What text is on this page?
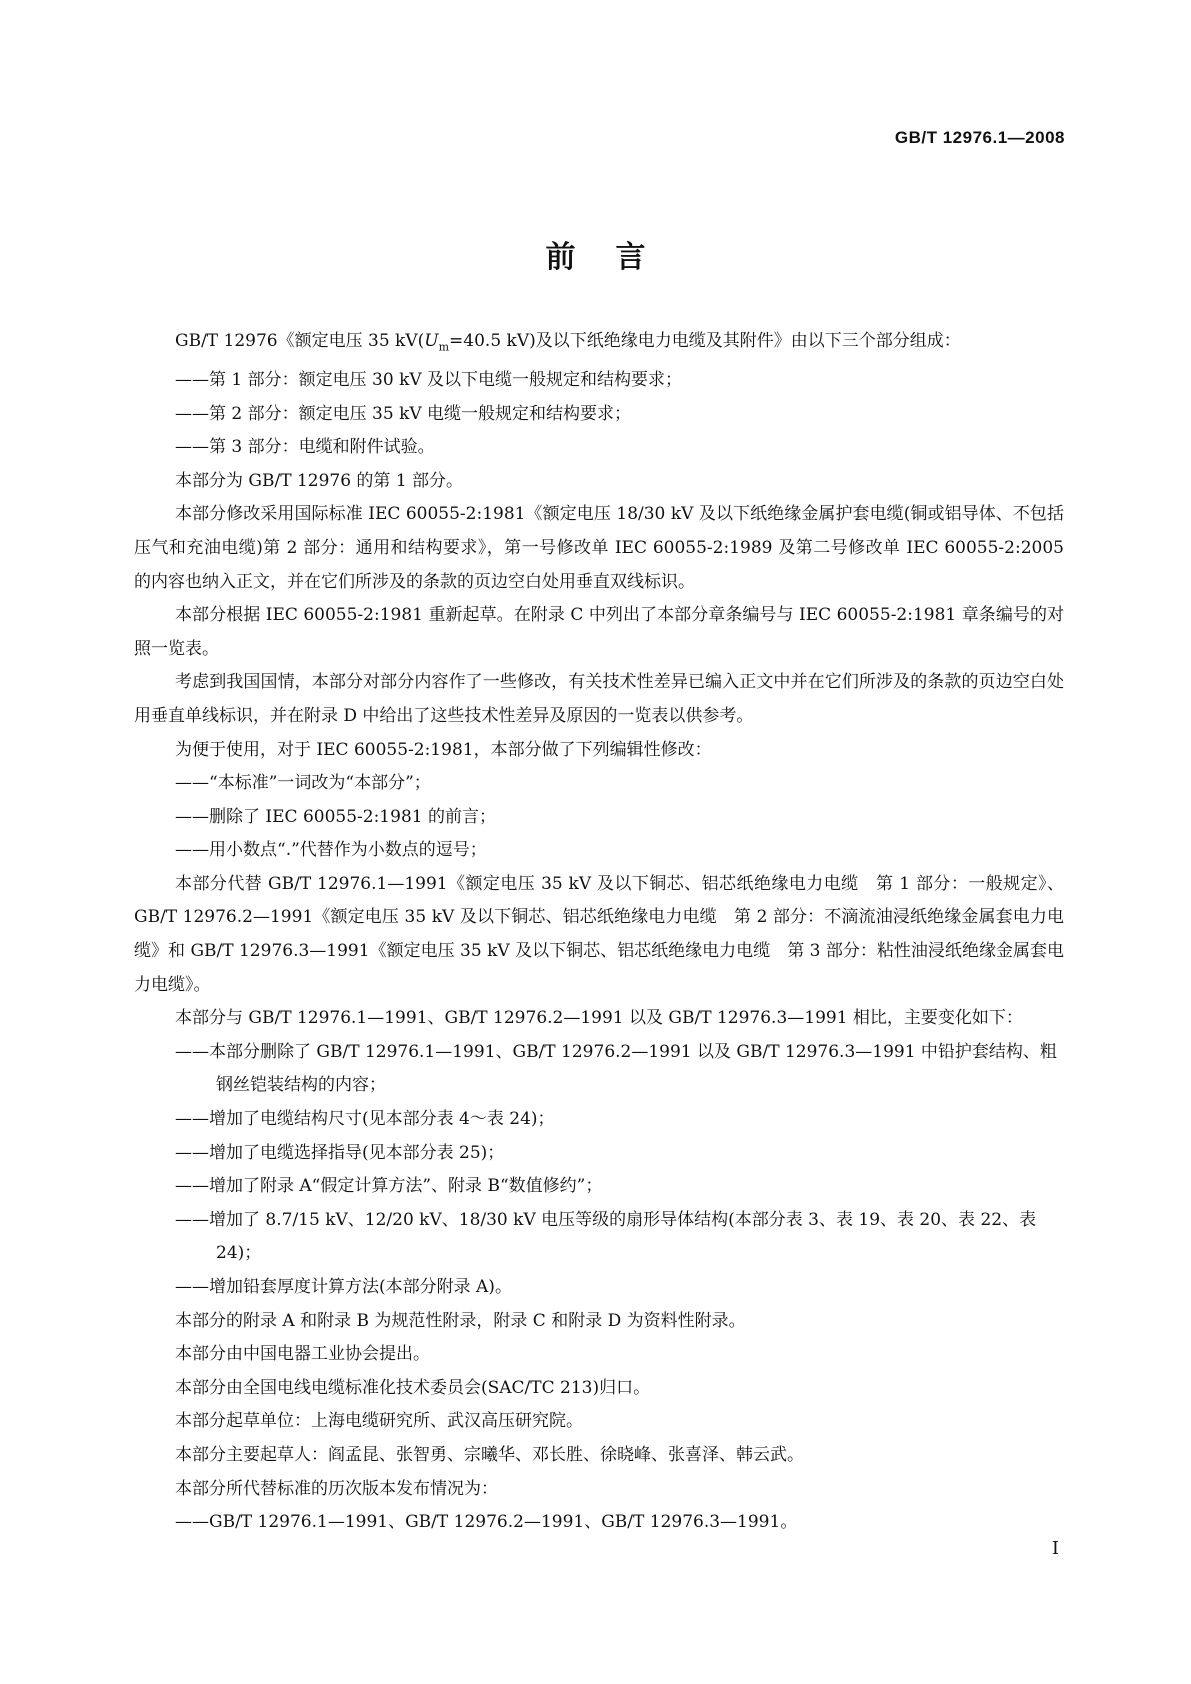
GB/T 12976.1—2008
前言
GB/T 12976《额定电压 35 $kV(U_m=40.5$ kV)及以下纸绝缘电力电缆及其附件》由以下三个部分组成：
——第 1 部分：额定电压 30 kV 及以下电缆一般规定和结构要求；
——第 2 部分：额定电压 35 kV 电缆一般规定和结构要求；
——第 3 部分：电缆和附件试验。
本部分为 GB/T 12976 的第 1 部分。
本部分修改采用国际标准 IEC 60055-2:1981《额定电压 18/30 kV 及以下纸绝缘金属护套电缆(铜或铝导体、不包括压气和充油电缆)第 2 部分：通用和结构要求》，第一号修改单 IEC 60055-2:1989 及第二号修改单 IEC 60055-2:2005 的内容也纳入正文，并在它们所涉及的条款的页边空白处用垂直双线标识。
本部分根据 IEC 60055-2:1981 重新起草。在附录 C 中列出了本部分章条编号与 IEC 60055-2:1981 章条编号的对照一览表。
考虑到我国国情，本部分对部分内容作了一些修改，有关技术性差异已编入正文中并在它们所涉及的条款的页边空白处用垂直单线标识，并在附录 D 中给出了这些技术性差异及原因的一览表以供参考。
为便于使用，对于 IEC 60055-2:1981，本部分做了下列编辑性修改：
——“本标准”一词改为“本部分”；
——删除了 IEC 60055-2:1981 的前言；
——用小数点“.”代替作为小数点的逗号；
本部分代替 GB/T 12976.1—1991《额定电压 35 kV 及以下铜芯、铝芯纸绝缘电力电缆　第 1 部分：一般规定》、GB/T 12976.2—1991《额定电压 35 kV 及以下铜芯、铝芯纸绝缘电力电缆　第 2 部分：不滴流油浸纸绝缘金属套电力电缆》和 GB/T 12976.3—1991《额定电压 35 kV 及以下铜芯、铝芯纸绝缘电力电缆　第 3 部分：粘性油浸纸绝缘金属套电力电缆》。
本部分与 GB/T 12976.1—1991、GB/T 12976.2—1991 以及 GB/T 12976.3—1991 相比，主要变化如下：
——本部分删除了 GB/T 12976.1—1991、GB/T 12976.2—1991 以及 GB/T 12976.3—1991 中铅护套结构、粗钢丝铠装结构的内容；
——增加了电缆结构尺寸(见本部分表 4～表 24)；
——增加了电缆选择指导(见本部分表 25)；
——增加了附录 A“假定计算方法”、附录 B“数值修约”；
——增加了 8.7/15 kV、12/20 kV、18/30 kV 电压等级的扇形导体结构(本部分表 3、表 19、表 20、表 22、表 24)；
——增加铅套厚度计算方法(本部分附录 A)。
本部分的附录 A 和附录 B 为规范性附录，附录 C 和附录 D 为资料性附录。
本部分由中国电器工业协会提出。
本部分由全国电线电缆标准化技术委员会(SAC/TC 213)归口。
本部分起草单位：上海电缆研究所、武汉高压研究院。
本部分主要起草人：阎孟昆、张智勇、宗曦华、邓长胜、徐晓峰、张喜泽、韩云武。
本部分所代替标准的历次版本发布情况为：
——GB/T 12976.1—1991、GB/T 12976.2—1991、GB/T 12976.3—1991。
I
